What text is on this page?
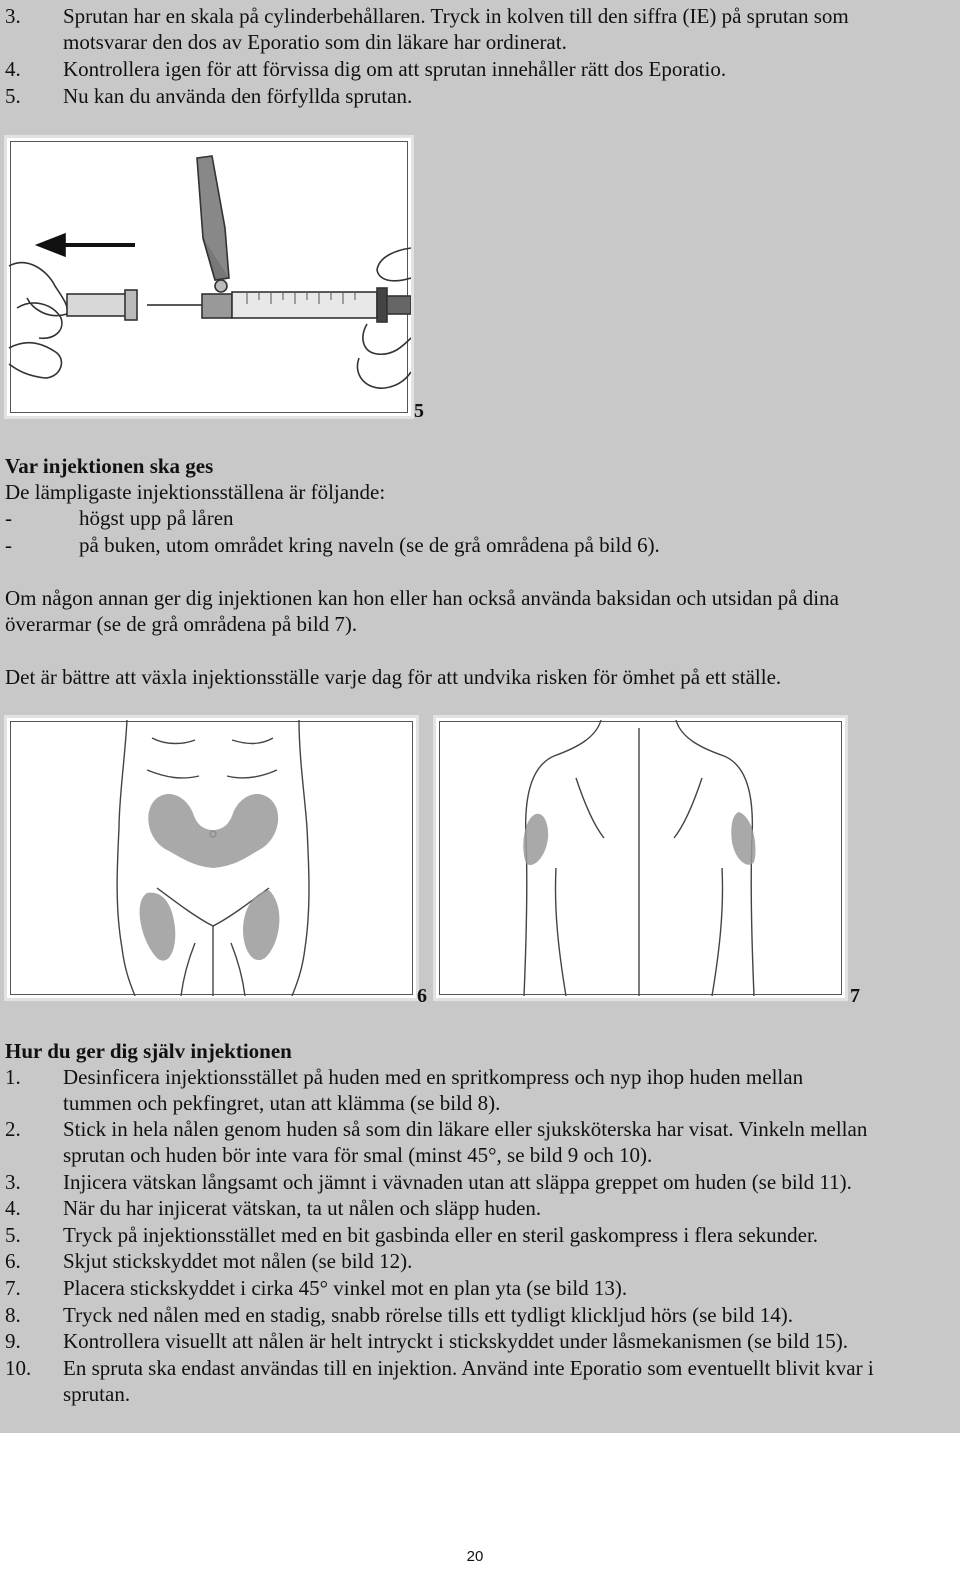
3. Sprutan har en skala på cylinderbehållaren. Tryck in kolven till den siffra (IE) på sprutan som
motsvarar den dos av Eporatio som din läkare har ordinerat.
4. Kontrollera igen för att förvissa dig om att sprutan innehåller rätt dos Eporatio.
5. Nu kan du använda den förfyllda sprutan.
5
Var injektionen ska ges
De lämpligaste injektionsställena är följande:
-	högst upp på låren
-	på buken, utom området kring naveln (se de grå områdena på bild 6).
Om någon annan ger dig injektionen kan hon eller han också använda baksidan och utsidan på dina
överarmar (se de grå områdena på bild 7).
Det är bättre att växla injektionsställe varje dag för att undvika risken för ömhet på ett ställe.
6	7
Hur du ger dig själv injektionen
1. Desinficera injektionsstället på huden med en spritkompress och nyp ihop huden mellan
tummen och pekfingret, utan att klämma (se bild 8).
2. Stick in hela nålen genom huden så som din läkare eller sjuksköterska har visat. Vinkeln mellan
sprutan och huden bör inte vara för smal (minst 45°, se bild 9 och 10).
3. Injicera vätskan långsamt och jämnt i vävnaden utan att släppa greppet om huden (se bild 11).
4. När du har injicerat vätskan, ta ut nålen och släpp huden.
5. Tryck på injektionsstället med en bit gasbinda eller en steril gaskompress i flera sekunder.
6. Skjut stickskyddet mot nålen (se bild 12).
7. Placera stickskyddet i cirka 45° vinkel mot en plan yta (se bild 13).
8. Tryck ned nålen med en stadig, snabb rörelse tills ett tydligt klickljud hörs (se bild 14).
9. Kontrollera visuellt att nålen är helt intryckt i stickskyddet under låsmekanismen (se bild 15).
10. En spruta ska endast användas till en injektion. Använd inte Eporatio som eventuellt blivit kvar i
sprutan.
20
